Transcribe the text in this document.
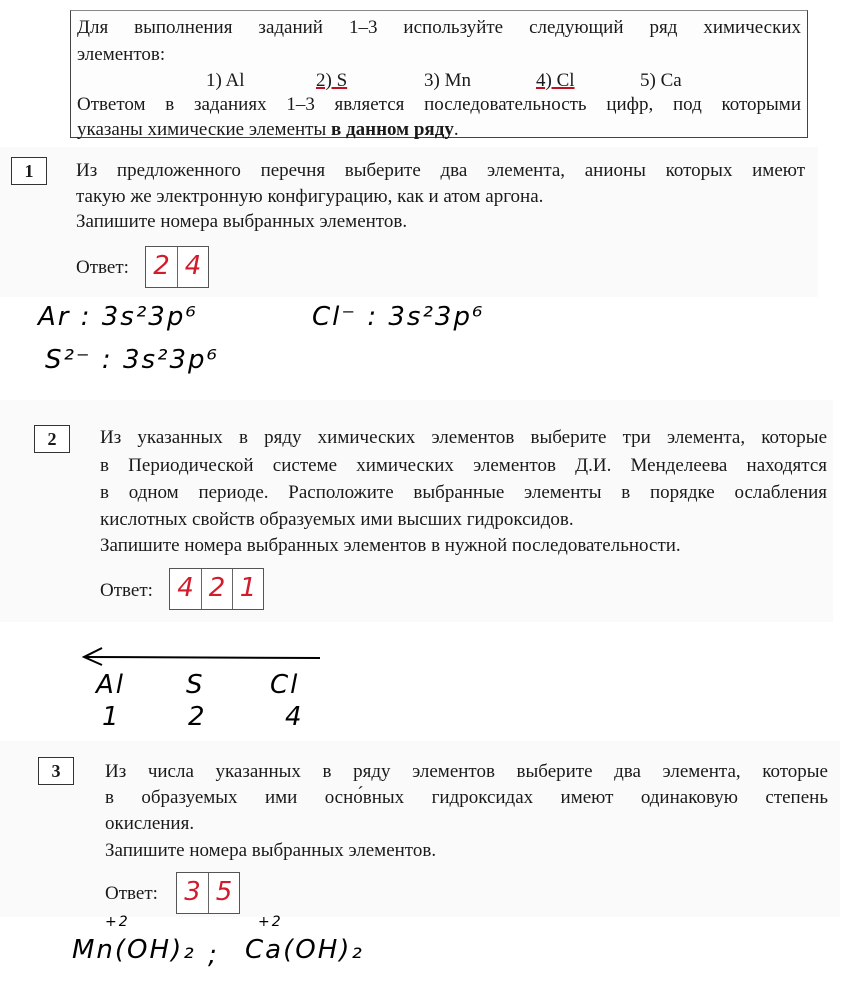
Для выполнения заданий 1–3 используйте следующий ряд химических
элементов:
1) Al	2) S	3) Mn	4) Cl	5) Ca
Ответом в заданиях 1–3 является последовательность цифр, под которыми
указаны химические элементы в данном ряду.
1	Из предложенного перечня выберите два элемента, анионы которых имеют
такую же электронную конфигурацию, как и атом аргона.
Запишите номера выбранных элементов.
Ответ: 2 4
Ar : 3s²3p⁶	Cl⁻ : 3s²3p⁶
S²⁻ : 3s²3p⁶
2	Из указанных в ряду химических элементов выберите три элемента, которые
в Периодической системе химических элементов Д.И. Менделеева находятся
в одном периоде. Расположите выбранные элементы в порядке ослабления
кислотных свойств образуемых ими высших гидроксидов.
Запишите номера выбранных элементов в нужной последовательности.
Ответ: 4 2 1
Al S	Cl
1	2	4
3	Из числа указанных в ряду элементов выберите два элемента, которые
в образуемых ими осно́вных гидроксидах имеют одинаковую степень
окисления.
Запишите номера выбранных элементов.
Ответ: 3 5
+2
Mn(OH)₂ ;
+2
Ca(OH)₂
